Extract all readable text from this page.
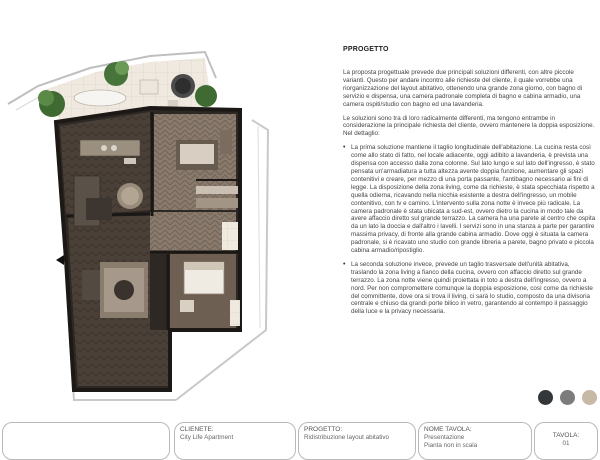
PPROGETTO
La proposta progettuale prevede due principali soluzioni differenti, con altre piccole varianti. Questo per andare incontro alle richieste del cliente, il quale vorrebbe una riorganizzazione del layout abitativo, ottenendo una grande zona giorno, con bagno di servizio e dispensa, una camera padronale completa di bagno e cabina armadio, una camera ospiti/studio con bagno ed una lavanderia.
Le soluzioni sono tra di loro radicalmente differenti, ma tengono entrambe in considerazione la principale richiesta del cliente, ovvero mantenere la doppia esposizione. Nel dettaglio:
• La prima soluzione mantiene il taglio longitudinale dell'abitazione. La cucina resta così come allo stato di fatto, nel locale adiacente, oggi adibito a lavanderia, è prevista una dispensa con accesso dalla zona colonne. Sul lato lungo e sul lato dell'ingresso, è stato pensata un'armadiatura a tutta altezza avente doppia funzione, aumentare gli spazi contenitivi e creare, per mezzo di una porta passante, l'antibagno necessario ai fini di legge. La disposizione della zona living, come da richieste, è stata specchiata rispetto a quella odierna, ricavando nella nicchia esistente a destra dell'ingresso, un mobile contenitivo, con tv e camino. L'intervento sulla zona notte è invece più radicale. La camera padronale è stata ubicata a sud-est, ovvero dietro la cucina in modo tale da avere affaccio diretto sul grande terrazzo. La camera ha una parete al centro che ospita da un lato la doccia e dall'altro i lavelli. I servizi sono in una stanza a parte per garantire massima privacy, di fronte alla grande cabina armadio. Dove oggi è situata la camera padronale, si è ricavato uno studio con grande libreria a parete, bagno privato e piccola cabina armadio/ripostiglio.
• La seconda soluzione invece, prevede un taglio trasversale dell'unità abitativa, traslando la zona living a fianco della cucina, ovvero con affaccio diretto sul grande terrazzo. La zona notte viene quindi proiettata in toto a destra dell'ingresso, ovvero a nord. Per non compromettere comunque la doppia esposizione, così come da richieste del committente, dove ora si trova il living, ci sarà lo studio, composto da una divisoria centrale e chiuso da grandi porte bilico in vetro, garantendo al contempo il passaggio della luce e la privacy necessaria.
CLIENETE:
City Life Apartment
PROGETTO:
Ridistribuzione layout abitativo
NOME TAVOLA:
Presentazione
Pianta non in scala
TAVOLA:
01
